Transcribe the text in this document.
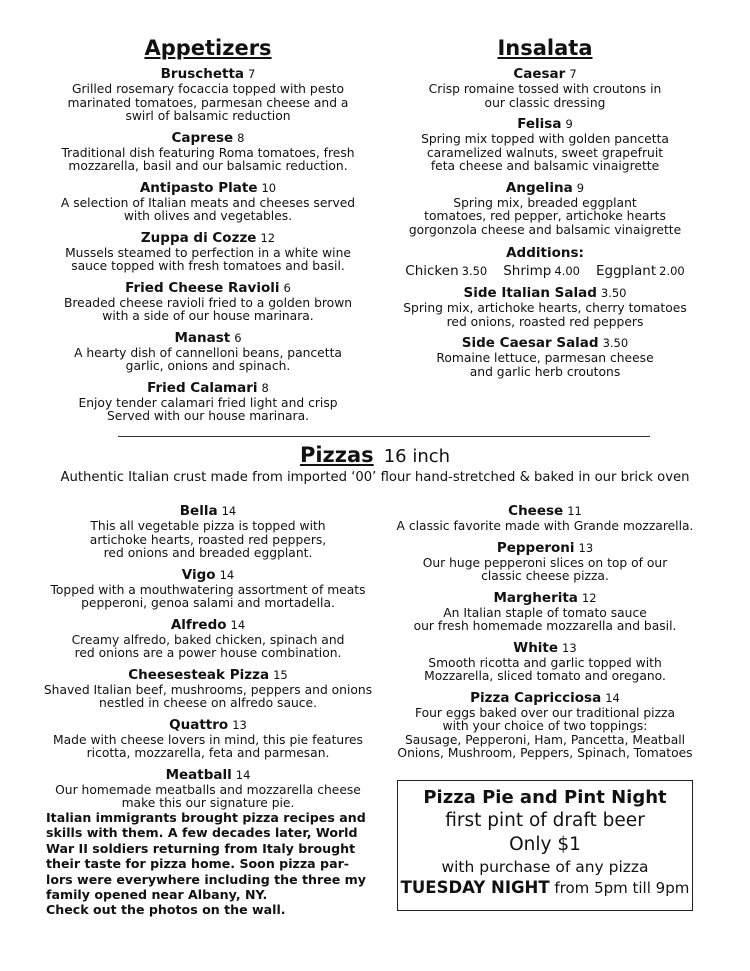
Appetizers
Bruschetta 7
Grilled rosemary focaccia topped with pesto
marinated tomatoes, parmesan cheese and a
swirl of balsamic reduction
Caprese 8
Traditional dish featuring Roma tomatoes, fresh
mozzarella, basil and our balsamic reduction.
Antipasto Plate 10
A selection of Italian meats and cheeses served
with olives and vegetables.
Zuppa di Cozze 12
Mussels steamed to perfection in a white wine
sauce topped with fresh tomatoes and basil.
Fried Cheese Ravioli 6
Breaded cheese ravioli fried to a golden brown
with a side of our house marinara.
Manast 6
A hearty dish of cannelloni beans, pancetta
garlic, onions and spinach.
Fried Calamari 8
Enjoy tender calamari fried light and crisp
Served with our house marinara.
Insalata
Caesar 7
Crisp romaine tossed with croutons in
our classic dressing
Felisa 9
Spring mix topped with golden pancetta
caramelized walnuts, sweet grapefruit
feta cheese and balsamic vinaigrette
Angelina 9
Spring mix, breaded eggplant
tomatoes, red pepper, artichoke hearts
gorgonzola cheese and balsamic vinaigrette
Additions:
Chicken 3.50 Shrimp 4.00 Eggplant 2.00
Side Italian Salad 3.50
Spring mix, artichoke hearts, cherry tomatoes
red onions, roasted red peppers
Side Caesar Salad 3.50
Romaine lettuce, parmesan cheese
and garlic herb croutons
Pizzas 16 inch
Authentic Italian crust made from imported ‘00’ flour hand-stretched & baked in our brick oven
Bella 14
This all vegetable pizza is topped with
artichoke hearts, roasted red peppers,
red onions and breaded eggplant.
Vigo 14
Topped with a mouthwatering assortment of meats
pepperoni, genoa salami and mortadella.
Alfredo 14
Creamy alfredo, baked chicken, spinach and
red onions are a power house combination.
Cheesesteak Pizza 15
Shaved Italian beef, mushrooms, peppers and onions
nestled in cheese on alfredo sauce.
Quattro 13
Made with cheese lovers in mind, this pie features
ricotta, mozzarella, feta and parmesan.
Meatball 14
Our homemade meatballs and mozzarella cheese
make this our signature pie.
Cheese 11
A classic favorite made with Grande mozzarella.
Pepperoni 13
Our huge pepperoni slices on top of our
classic cheese pizza.
Margherita 12
An Italian staple of tomato sauce
our fresh homemade mozzarella and basil.
White 13
Smooth ricotta and garlic topped with
Mozzarella, sliced tomato and oregano.
Pizza Capricciosa 14
Four eggs baked over our traditional pizza
with your choice of two toppings:
Sausage, Pepperoni, Ham, Pancetta, Meatball
Onions, Mushroom, Peppers, Spinach, Tomatoes
Italian immigrants brought pizza recipes and
skills with them. A few decades later, World
War II soldiers returning from Italy brought
their taste for pizza home. Soon pizza par-
lors were everywhere including the three my
family opened near Albany, NY.
Check out the photos on the wall.
Pizza Pie and Pint Night
first pint of draft beer
Only $1
with purchase of any pizza
TUESDAY NIGHT from 5pm till 9pm
